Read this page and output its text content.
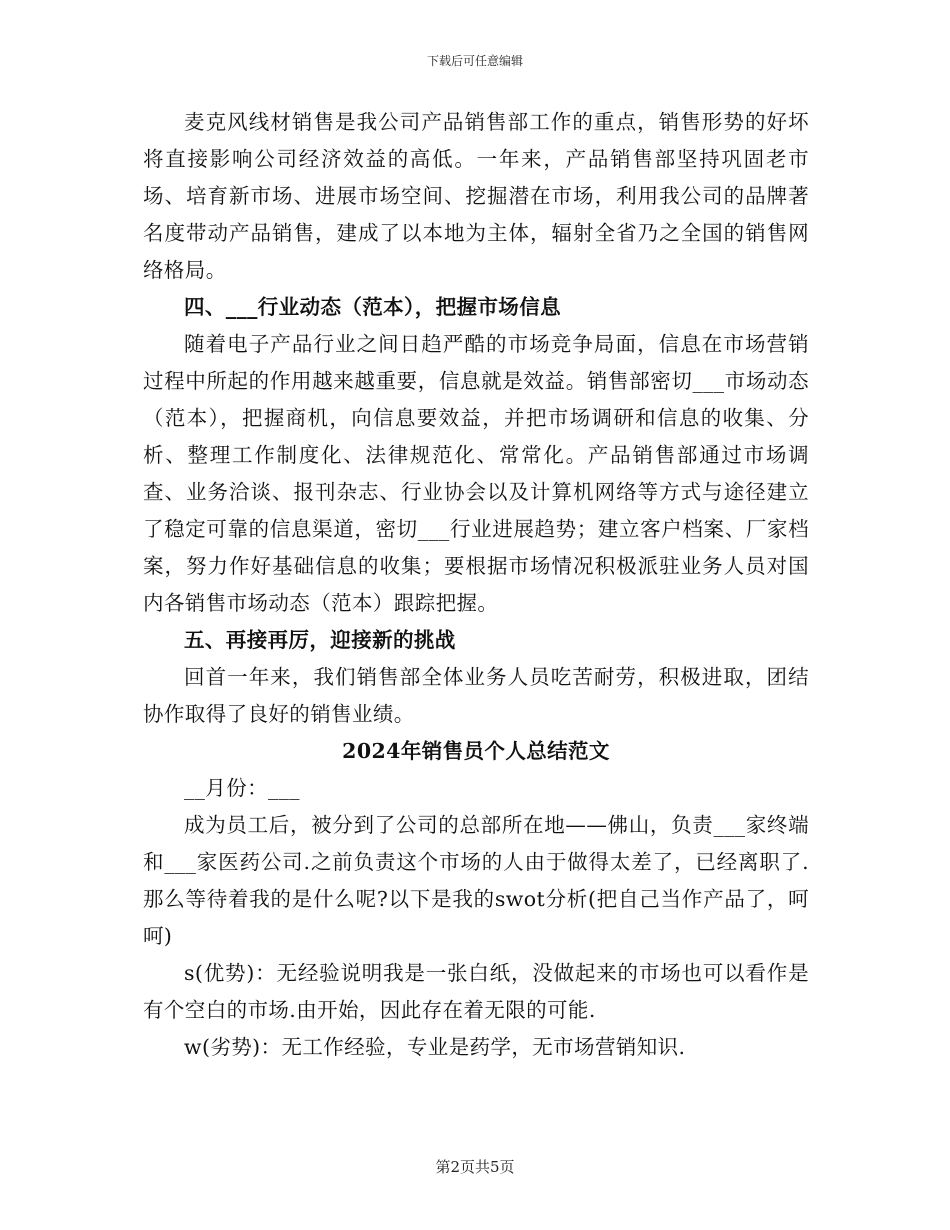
下载后可任意编辑

麦克风线材销售是我公司产品销售部工作的重点，销售形势的好坏将直接影响公司经济效益的高低。一年来，产品销售部坚持巩固老市场、培育新市场、进展市场空间、挖掘潜在市场，利用我公司的品牌著名度带动产品销售，建成了以本地为主体，辐射全省乃之全国的销售网络格局。

四、___行业动态（范本），把握市场信息

随着电子产品行业之间日趋严酷的市场竞争局面，信息在市场营销过程中所起的作用越来越重要，信息就是效益。销售部密切___市场动态（范本），把握商机，向信息要效益，并把市场调研和信息的收集、分析、整理工作制度化、法律规范化、常常化。产品销售部通过市场调查、业务洽谈、报刊杂志、行业协会以及计算机网络等方式与途径建立了稳定可靠的信息渠道，密切___行业进展趋势；建立客户档案、厂家档案，努力作好基础信息的收集；要根据市场情况积极派驻业务人员对国内各销售市场动态（范本）跟踪把握。

五、再接再厉，迎接新的挑战

回首一年来，我们销售部全体业务人员吃苦耐劳，积极进取，团结协作取得了良好的销售业绩。

2024年销售员个人总结范文

__月份：___

成为员工后，被分到了公司的总部所在地——佛山，负责___家终端和___家医药公司.之前负责这个市场的人由于做得太差了，已经离职了.那么等待着我的是什么呢?以下是我的swot分析(把自己当作产品了，呵呵)

s(优势)：无经验说明我是一张白纸，没做起来的市场也可以看作是有个空白的市场.由开始，因此存在着无限的可能.

w(劣势)：无工作经验，专业是药学，无市场营销知识.

第2页共5页
